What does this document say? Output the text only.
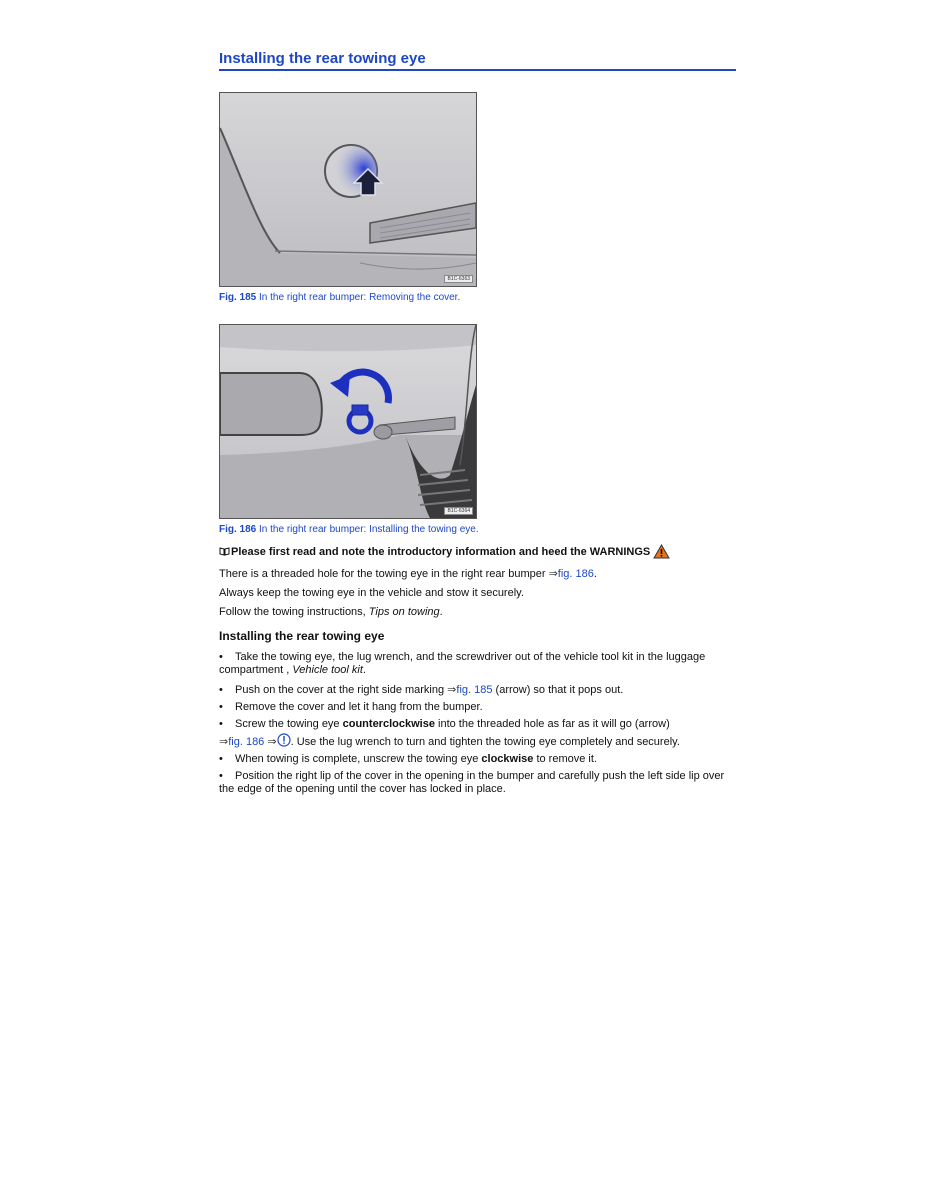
Installing the rear towing eye
B1C-6363

Fig. 185 In the right rear bumper: Removing the cover.

B1C-6364

Fig. 186 In the right rear bumper: Installing the towing eye.

Please first read and note the introductory information and heed the WARNINGS

There is a threaded hole for the towing eye in the right rear bumper ⇒fig. 186.

Always keep the towing eye in the vehicle and stow it securely.

Follow the towing instructions, Tips on towing.

Installing the rear towing eye

• Take the towing eye, the lug wrench, and the screwdriver out of the vehicle tool kit in the luggage compartment , Vehicle tool kit.

• Push on the cover at the right side marking ⇒fig. 185 (arrow) so that it pops out.

• Remove the cover and let it hang from the bumper.

• Screw the towing eye counterclockwise into the threaded hole as far as it will go (arrow)

⇒fig. 186 ⇒ . Use the lug wrench to turn and tighten the towing eye completely and securely.

• When towing is complete, unscrew the towing eye clockwise to remove it.

• Position the right lip of the cover in the opening in the bumper and carefully push the left side lip over the edge of the opening until the cover has locked in place.
